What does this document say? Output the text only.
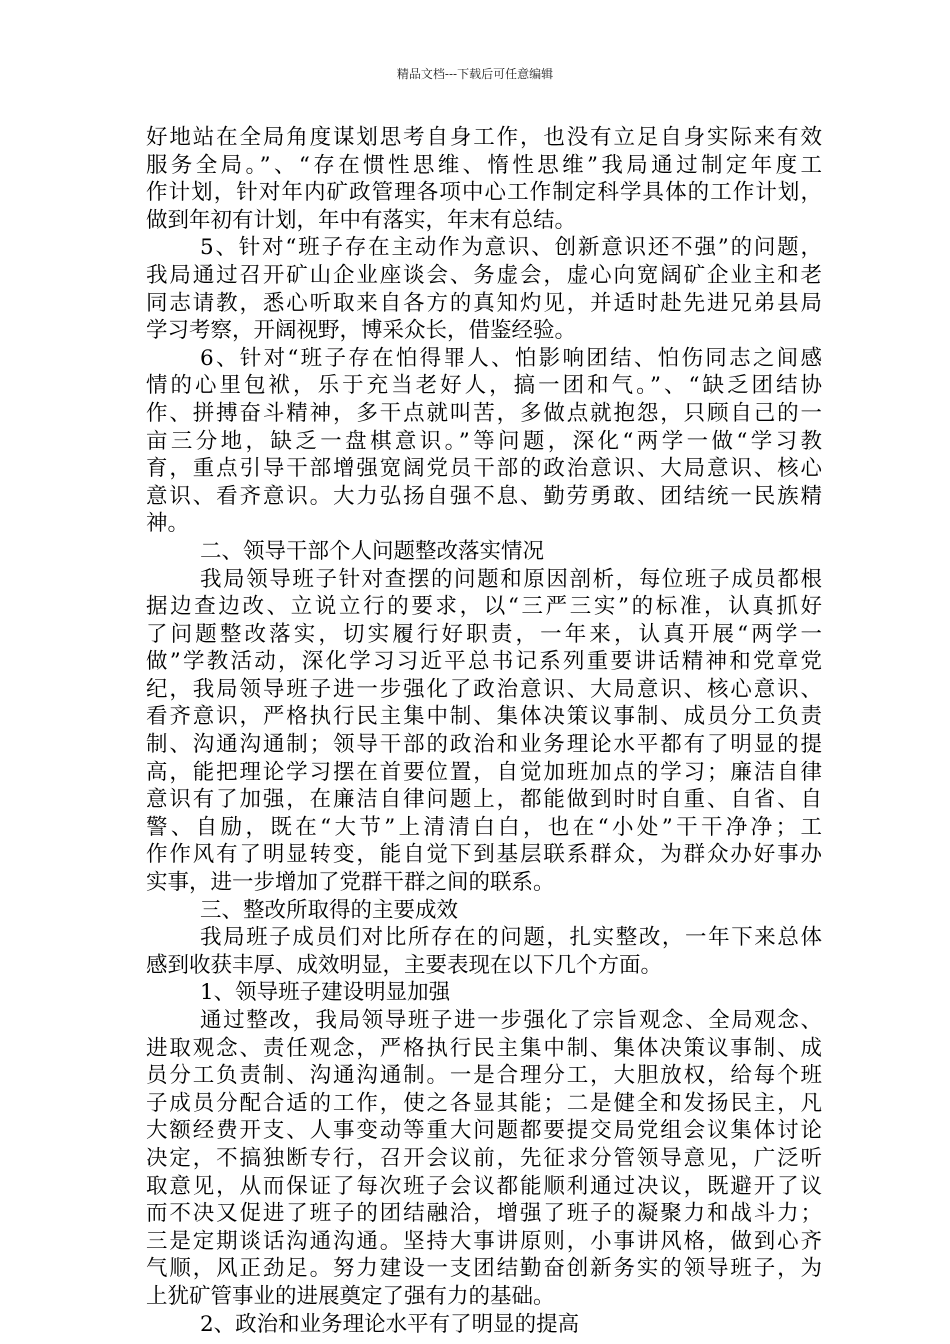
精品文档---下载后可任意编辑
好地站在全局角度谋划思考自身工作，也没有立足自身实际来有效
服务全局。”、“存在惯性思维、惰性思维”我局通过制定年度工
作计划，针对年内矿政管理各项中心工作制定科学具体的工作计划，
做到年初有计划，年中有落实，年末有总结。
5、针对“班子存在主动作为意识、创新意识还不强”的问题，
我局通过召开矿山企业座谈会、务虚会，虚心向宽阔矿企业主和老
同志请教，悉心听取来自各方的真知灼见，并适时赴先进兄弟县局
学习考察，开阔视野，博采众长，借鉴经验。
6、针对“班子存在怕得罪人、怕影响团结、怕伤同志之间感
情的心里包袱，乐于充当老好人，搞一团和气。”、“缺乏团结协
作、拼搏奋斗精神，多干点就叫苦，多做点就抱怨，只顾自己的一
亩三分地，缺乏一盘棋意识。”等问题，深化“两学一做“学习教
育，重点引导干部增强宽阔党员干部的政治意识、大局意识、核心
意识、看齐意识。大力弘扬自强不息、勤劳勇敢、团结统一民族精
神。
二、领导干部个人问题整改落实情况
我局领导班子针对查摆的问题和原因剖析，每位班子成员都根
据边查边改、立说立行的要求，以“三严三实”的标准，认真抓好
了问题整改落实，切实履行好职责，一年来，认真开展“两学一
做”学教活动，深化学习习近平总书记系列重要讲话精神和党章党
纪，我局领导班子进一步强化了政治意识、大局意识、核心意识、
看齐意识，严格执行民主集中制、集体决策议事制、成员分工负责
制、沟通沟通制；领导干部的政治和业务理论水平都有了明显的提
高，能把理论学习摆在首要位置，自觉加班加点的学习；廉洁自律
意识有了加强，在廉洁自律问题上，都能做到时时自重、自省、自
警、自励，既在“大节”上清清白白，也在“小处”干干净净；工
作作风有了明显转变，能自觉下到基层联系群众，为群众办好事办
实事，进一步增加了党群干群之间的联系。
三、整改所取得的主要成效
我局班子成员们对比所存在的问题，扎实整改，一年下来总体
感到收获丰厚、成效明显，主要表现在以下几个方面。
1、领导班子建设明显加强
通过整改，我局领导班子进一步强化了宗旨观念、全局观念、
进取观念、责任观念，严格执行民主集中制、集体决策议事制、成
员分工负责制、沟通沟通制。一是合理分工，大胆放权，给每个班
子成员分配合适的工作，使之各显其能；二是健全和发扬民主，凡
大额经费开支、人事变动等重大问题都要提交局党组会议集体讨论
决定，不搞独断专行，召开会议前，先征求分管领导意见，广泛听
取意见，从而保证了每次班子会议都能顺利通过决议，既避开了议
而不决又促进了班子的团结融洽，增强了班子的凝聚力和战斗力；
三是定期谈话沟通沟通。坚持大事讲原则，小事讲风格，做到心齐
气顺，风正劲足。努力建设一支团结勤奋创新务实的领导班子，为
上犹矿管事业的进展奠定了强有力的基础。
2、政治和业务理论水平有了明显的提高
